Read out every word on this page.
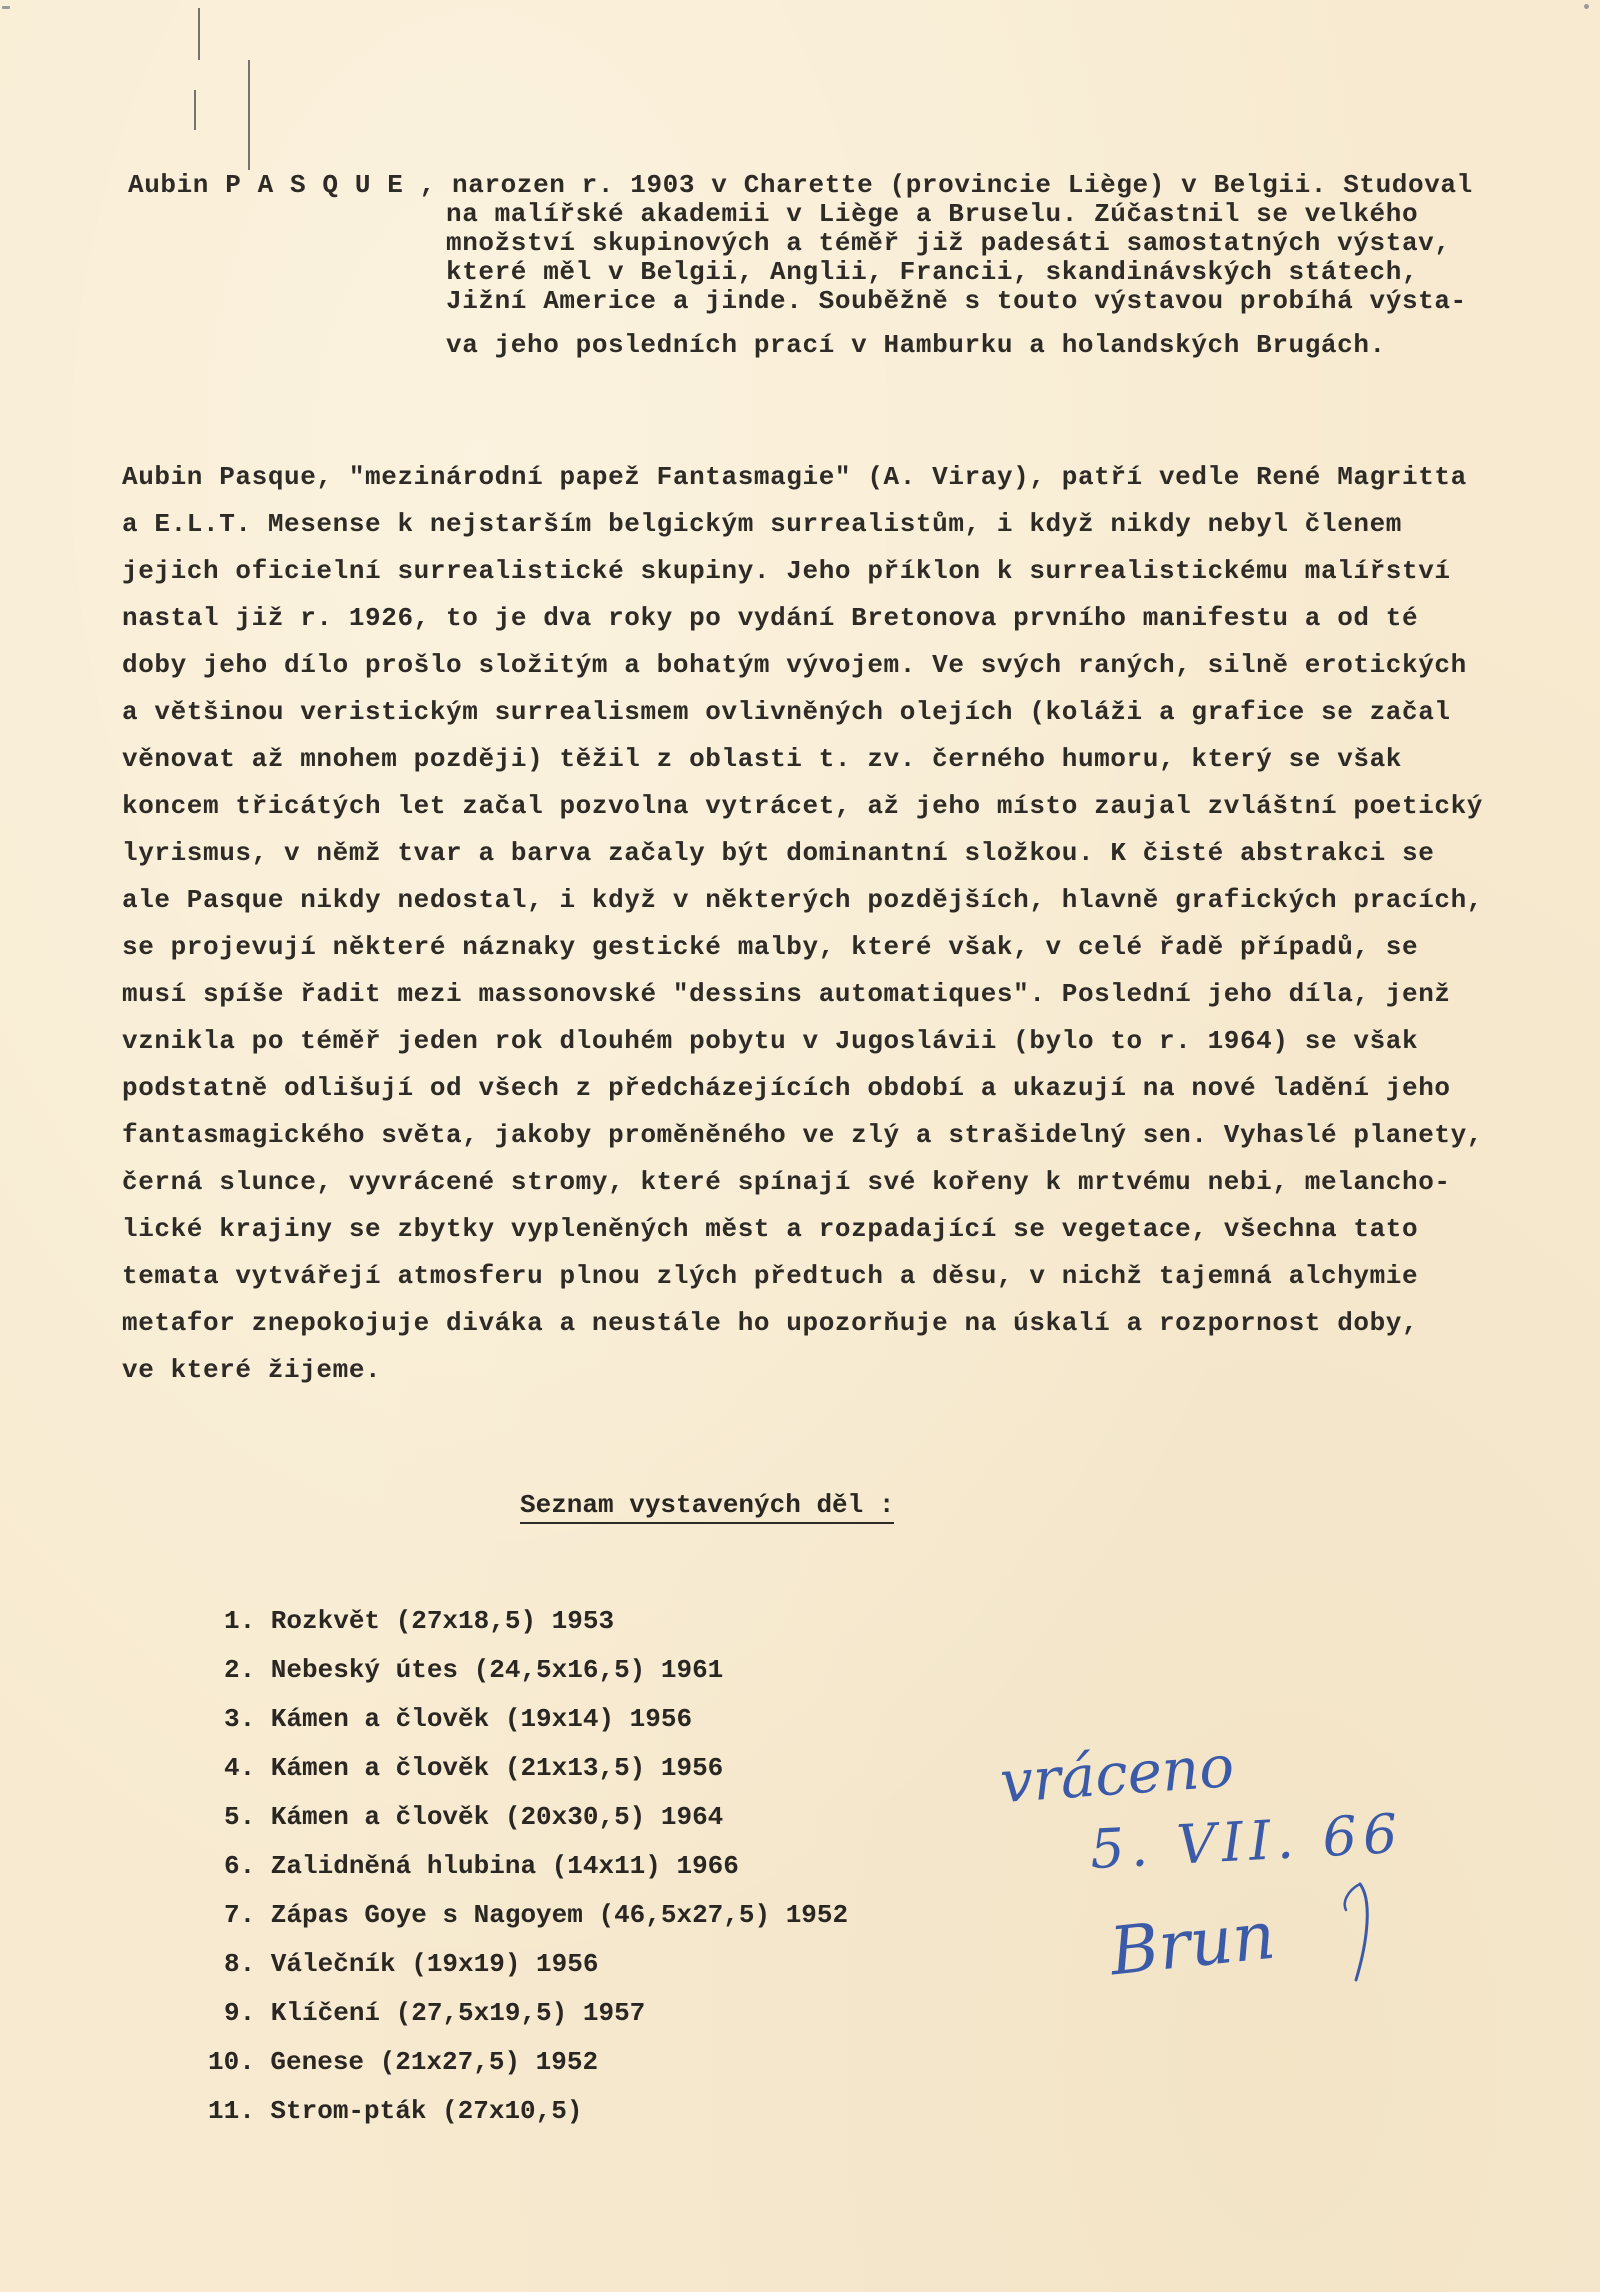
Aubin P A S Q U E , narozen r. 1903 v Charette (provincie Liège) v Belgii. Studoval
na malířské akademii v Liège a Bruselu. Zúčastnil se velkého
množství skupinových a téměř již padesáti samostatných výstav,
které měl v Belgii, Anglii, Francii, skandinávských státech,
Jižní Americe a jinde. Souběžně s touto výstavou probíhá výsta-
va jeho posledních prací v Hamburku a holandských Brugách.
Aubin Pasque, "mezinárodní papež Fantasmagie" (A. Viray), patří vedle René Magritta
a E.L.T. Mesense k nejstarším belgickým surrealistům, i když nikdy nebyl členem
jejich oficielní surrealistické skupiny. Jeho příklon k surrealistickému malířství
nastal již r. 1926, to je dva roky po vydání Bretonova prvního manifestu a od té
doby jeho dílo prošlo složitým a bohatým vývojem. Ve svých raných, silně erotických
a většinou veristickým surrealismem ovlivněných olejích (koláži a grafice se začal
věnovat až mnohem později) těžil z oblasti t. zv. černého humoru, který se však
koncem třicátých let začal pozvolna vytrácet, až jeho místo zaujal zvláštní poetický
lyrismus, v němž tvar a barva začaly být dominantní složkou. K čisté abstrakci se
ale Pasque nikdy nedostal, i když v některých pozdějších, hlavně grafických pracích,
se projevují některé náznaky gestické malby, které však, v celé řadě případů, se
musí spíše řadit mezi massonovské "dessins automatiques". Poslední jeho díla, jenž
vznikla po téměř jeden rok dlouhém pobytu v Jugoslávii (bylo to r. 1964) se však
podstatně odlišují od všech z předcházejících období a ukazují na nové ladění jeho
fantasmagického světa, jakoby proměněného ve zlý a strašidelný sen. Vyhaslé planety,
černá slunce, vyvrácené stromy, které spínají své kořeny k mrtvému nebi, melancho-
lické krajiny se zbytky vypleněných měst a rozpadající se vegetace, všechna tato
temata vytvářejí atmosferu plnou zlých předtuch a děsu, v nichž tajemná alchymie
metafor znepokojuje diváka a neustále ho upozorňuje na úskalí a rozpornost doby,
ve které žijeme.
Seznam vystavených děl :
1. Rozkvět (27x18,5) 1953
2. Nebeský útes (24,5x16,5) 1961
3. Kámen a člověk (19x14) 1956
4. Kámen a člověk (21x13,5) 1956
5. Kámen a člověk (20x30,5) 1964
6. Zalidněná hlubina (14x11) 1966
7. Zápas Goye s Nagoyem (46,5x27,5) 1952
8. Válečník (19x19) 1956
9. Klíčení (27,5x19,5) 1957
10. Genese (21x27,5) 1952
11. Strom-pták (27x10,5)
vráceno
5. VII. 66
Brun
